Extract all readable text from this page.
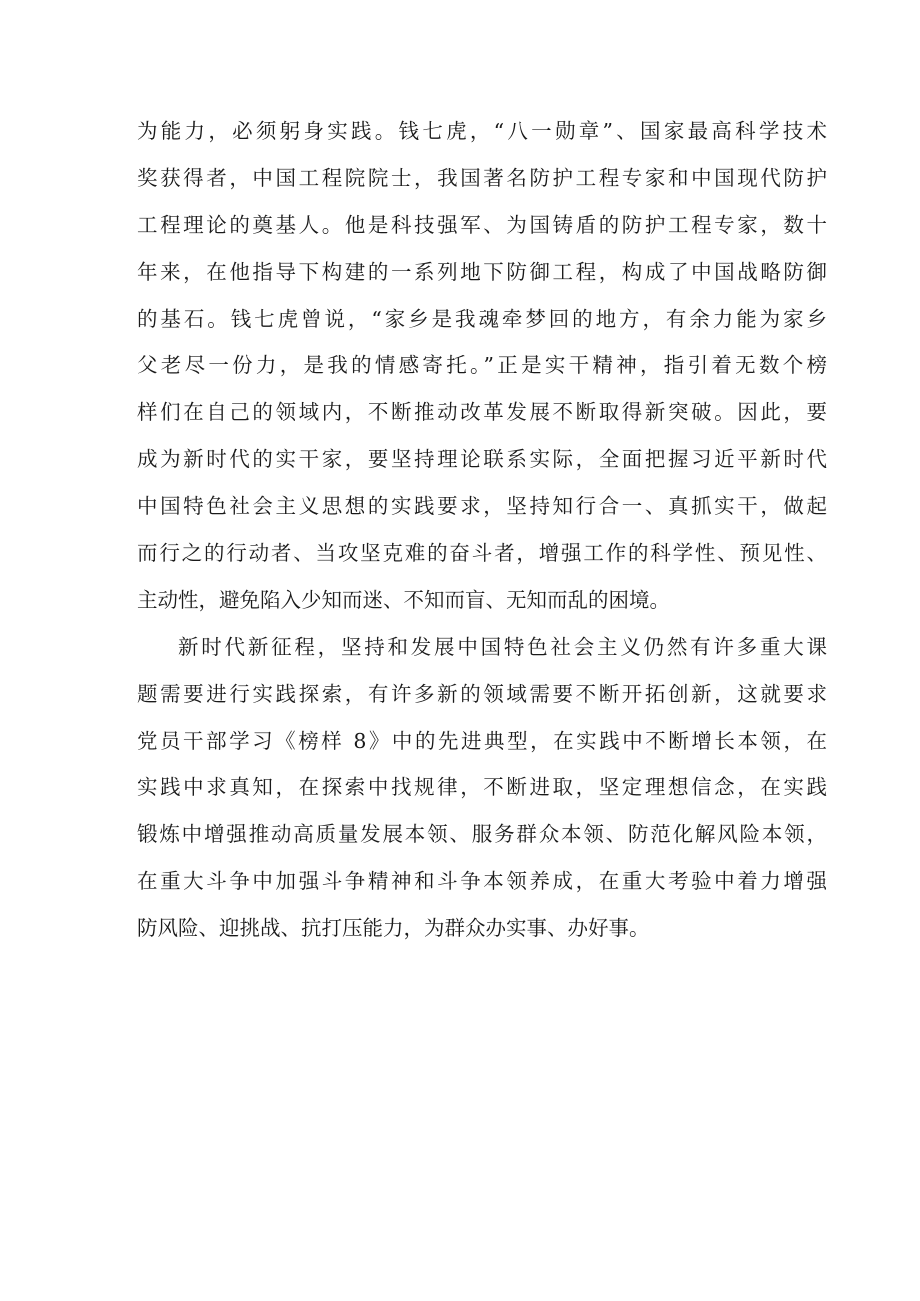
为能力，必须躬身实践。钱七虎，“八一勋章”、国家最高科学技术
奖获得者，中国工程院院士，我国著名防护工程专家和中国现代防护
工程理论的奠基人。他是科技强军、为国铸盾的防护工程专家，数十
年来，在他指导下构建的一系列地下防御工程，构成了中国战略防御
的基石。钱七虎曾说，“家乡是我魂牵梦回的地方，有余力能为家乡
父老尽一份力，是我的情感寄托。”正是实干精神，指引着无数个榜
样们在自己的领域内，不断推动改革发展不断取得新突破。因此，要
成为新时代的实干家，要坚持理论联系实际，全面把握习近平新时代
中国特色社会主义思想的实践要求，坚持知行合一、真抓实干，做起
而行之的行动者、当攻坚克难的奋斗者，增强工作的科学性、预见性、
主动性，避免陷入少知而迷、不知而盲、无知而乱的困境。
新时代新征程，坚持和发展中国特色社会主义仍然有许多重大课
题需要进行实践探索，有许多新的领域需要不断开拓创新，这就要求
党员干部学习《榜样 8》中的先进典型，在实践中不断增长本领，在
实践中求真知，在探索中找规律，不断进取，坚定理想信念，在实践
锻炼中增强推动高质量发展本领、服务群众本领、防范化解风险本领，
在重大斗争中加强斗争精神和斗争本领养成，在重大考验中着力增强
防风险、迎挑战、抗打压能力，为群众办实事、办好事。
